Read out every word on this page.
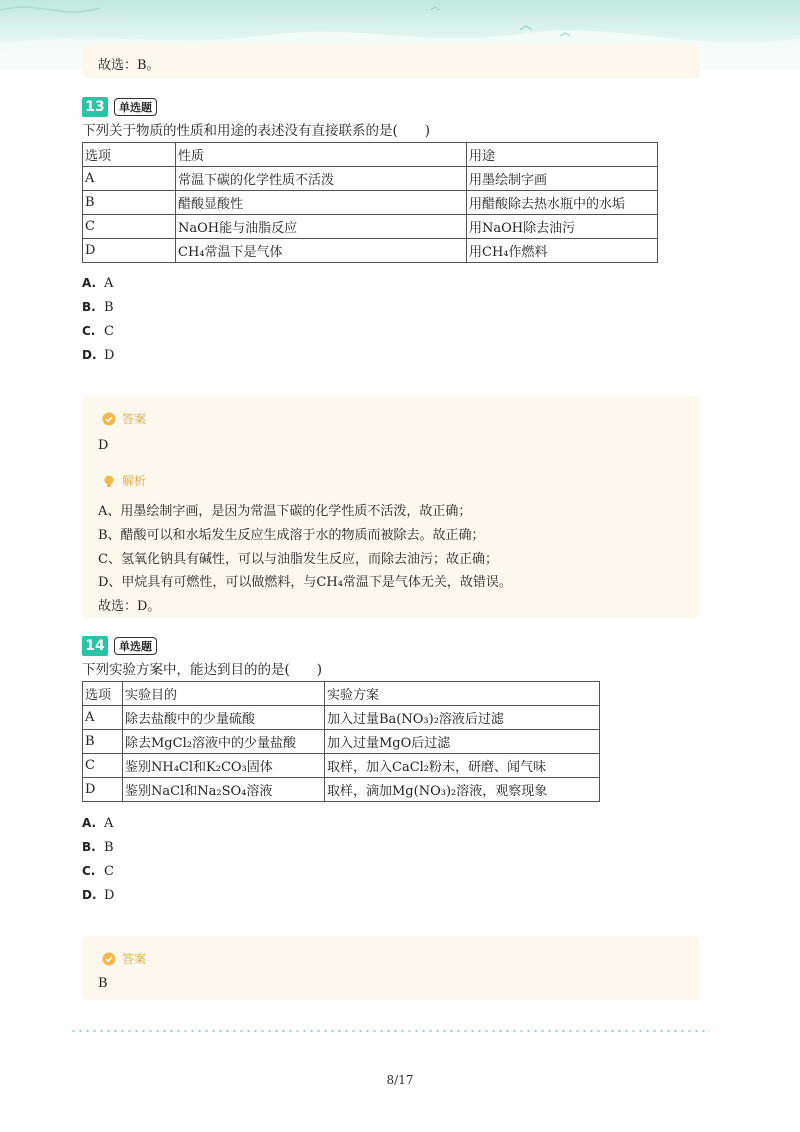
故选：B。
13	单选题
下列关于物质的性质和用途的表述没有直接联系的是(　　)
选项	性质	用途
A	常温下碳的化学性质不活泼	用墨绘制字画
B	醋酸显酸性	用醋酸除去热水瓶中的水垢
C	NaOH能与油脂反应	用NaOH除去油污
D	CH₄常温下是气体	用CH₄作燃料
A. A
B. B
C. C
D. D
答案
D
解析
A、用墨绘制字画，是因为常温下碳的化学性质不活泼，故正确；
B、醋酸可以和水垢发生反应生成溶于水的物质而被除去。故正确；
C、氢氧化钠具有碱性，可以与油脂发生反应，而除去油污；故正确；
D、甲烷具有可燃性，可以做燃料，与CH₄常温下是气体无关，故错误。
故选：D。
14	单选题
下列实验方案中，能达到目的的是(　　)
选项	实验目的	实验方案
A	除去盐酸中的少量硫酸	加入过量Ba(NO₃)₂溶液后过滤
B	除去MgCl₂溶液中的少量盐酸	加入过量MgO后过滤
C	鉴别NH₄Cl和K₂CO₃固体	取样，加入CaCl₂粉末，研磨、闻气味
D	鉴别NaCl和Na₂SO₄溶液	取样，滴加Mg(NO₃)₂溶液，观察现象
A. A
B. B
C. C
D. D
答案
B
8/17
